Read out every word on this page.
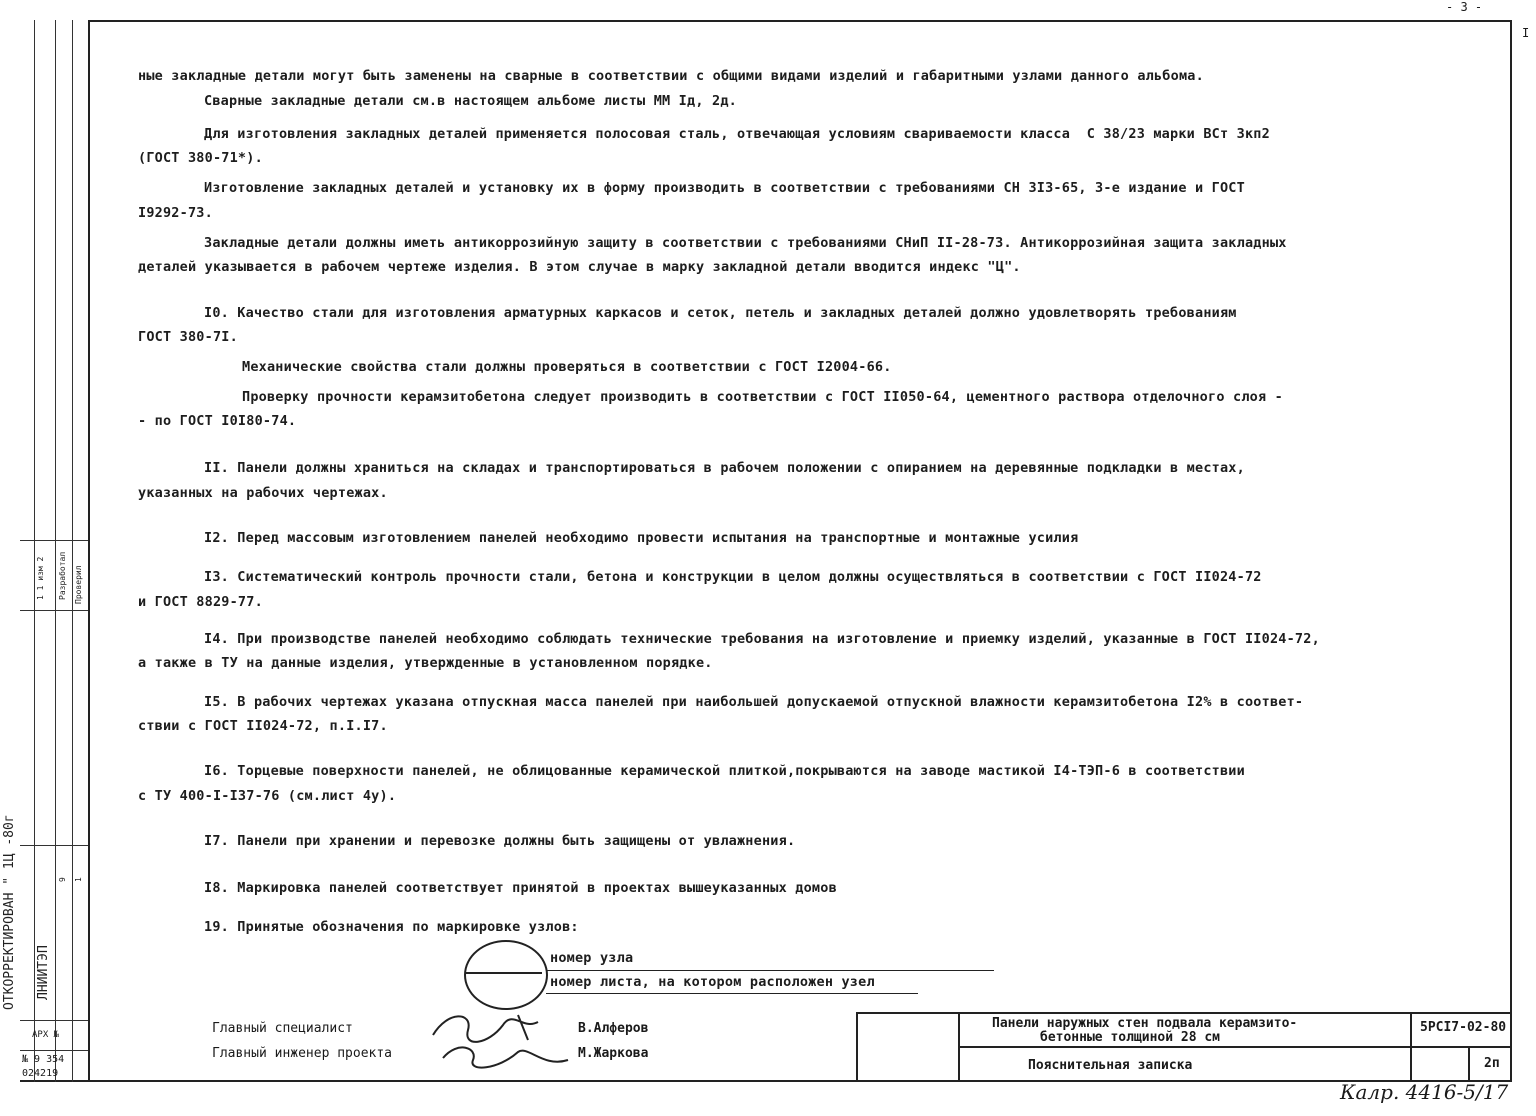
- 3 -
I
ОТКОРРЕКТИРОВАН " 1Ц -80г ЛНИИТЭП
9 1
1 1 изм 2 Разработал Проверил
АРХ №
№ 9 354
024219
ные закладные детали могут быть заменены на сварные в соответствии с общими видами изделий и габаритными узлами данного альбома.
Сварные закладные детали см.в настоящем альбоме листы ММ Iд, 2д.
Для изготовления закладных деталей применяется полосовая сталь, отвечающая условиям свариваемости класса  С 38/23 марки ВСт 3кп2
(ГОСТ 380-71*).
Изготовление закладных деталей и установку их в форму производить в соответствии с требованиями СН 3I3-65, 3-е издание и ГОСТ
I9292-73.
Закладные детали должны иметь антикоррозийную защиту в соответствии с требованиями СНиП II-28-73. Антикоррозийная защита закладных
деталей указывается в рабочем чертеже изделия. В этом случае в марку закладной детали вводится индекс "Ц".
I0. Качество стали для изготовления арматурных каркасов и сеток, петель и закладных деталей должно удовлетворять требованиям
ГОСТ 380-7I.
Механические свойства стали должны проверяться в соответствии с ГОСТ I2004-66.
Проверку прочности керамзитобетона следует производить в соответствии с ГОСТ II050-64, цементного раствора отделочного слоя -
- по ГОСТ I0I80-74.
II. Панели должны храниться на складах и транспортироваться в рабочем положении с опиранием на деревянные подкладки в местах,
указанных на рабочих чертежах.
I2. Перед массовым изготовлением панелей необходимо провести испытания на транспортные и монтажные усилия
I3. Систематический контроль прочности стали, бетона и конструкции в целом должны осуществляться в соответствии с ГОСТ II024-72
и ГОСТ 8829-77.
I4. При производстве панелей необходимо соблюдать технические требования на изготовление и приемку изделий, указанные в ГОСТ II024-72,
а также в ТУ на данные изделия, утвержденные в установленном порядке.
I5. В рабочих чертежах указана отпускная масса панелей при наибольшей допускаемой отпускной влажности керамзитобетона I2% в соответ-
ствии с ГОСТ II024-72, п.I.I7.
I6. Торцевые поверхности панелей, не облицованные керамической плиткой,покрываются на заводе мастикой I4-ТЭП-6 в соответствии
с ТУ 400-I-I37-76 (см.лист 4у).
I7. Панели при хранении и перевозке должны быть защищены от увлажнения.
I8. Маркировка панелей соответствует принятой в проектах вышеуказанных домов
19. Принятые обозначения по маркировке узлов:
номер узла
номер листа, на котором расположен узел
Главный специалист
Главный инженер проекта
В.Алферов
М.Жаркова
Панели наружных стен подвала керамзито-
бетонные толщиной 28 см
Пояснительная записка
5РСI7-02-80
2п
Калр. 4416-5/17
